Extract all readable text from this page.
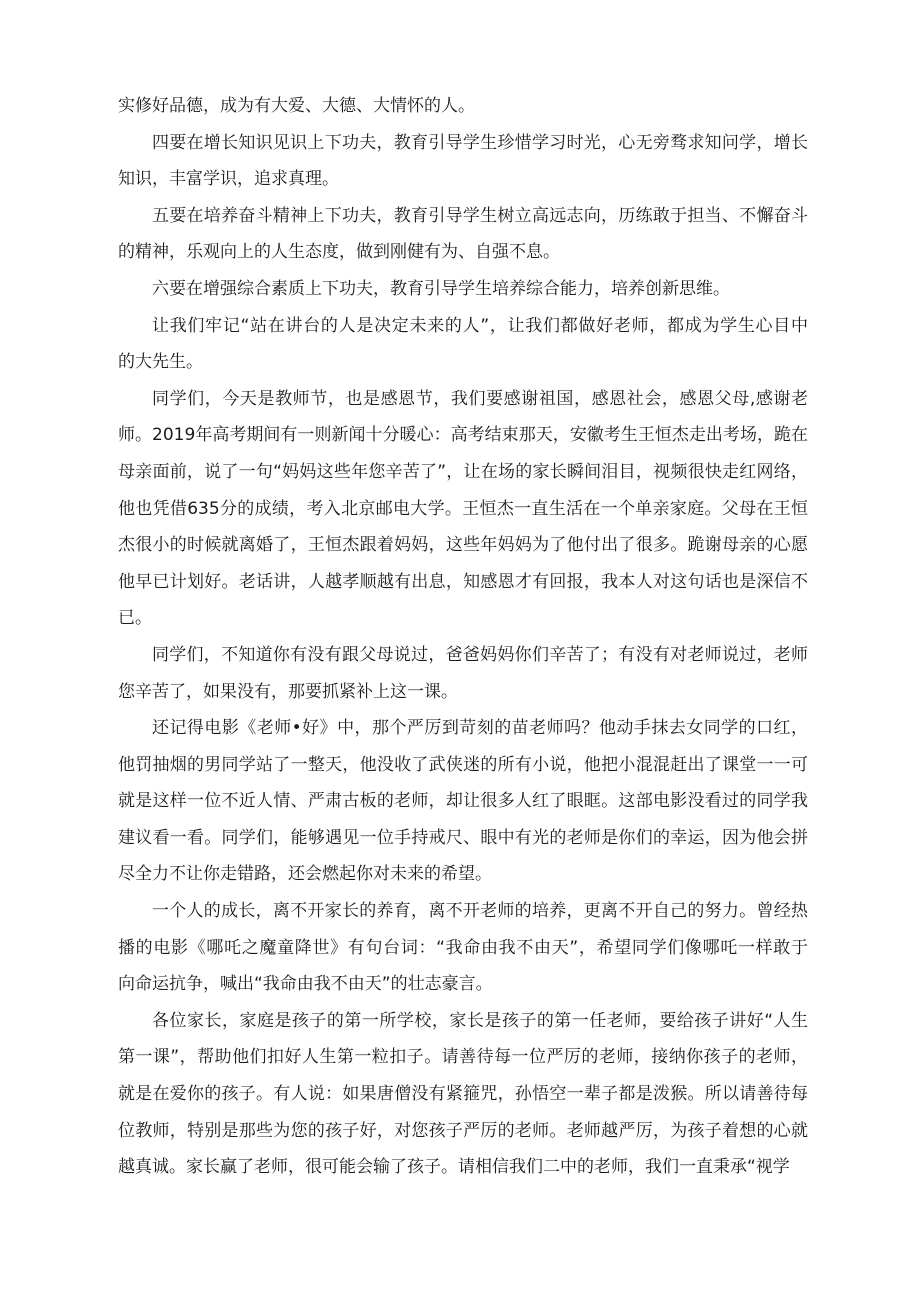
实修好品德，成为有大爱、大德、大情怀的人。
四要在增长知识见识上下功夫，教育引导学生珍惜学习时光，心无旁骛求知问学，增长
知识，丰富学识，追求真理。
五要在培养奋斗精神上下功夫，教育引导学生树立高远志向，历练敢于担当、不懈奋斗
的精神，乐观向上的人生态度，做到刚健有为、自强不息。
六要在增强综合素质上下功夫，教育引导学生培养综合能力，培养创新思维。
让我们牢记“站在讲台的人是决定未来的人”，让我们都做好老师，都成为学生心目中
的大先生。
同学们，今天是教师节，也是感恩节，我们要感谢祖国，感恩社会，感恩父母,感谢老
师。2019年高考期间有一则新闻十分暖心：高考结束那天，安徽考生王恒杰走出考场，跪在
母亲面前，说了一句“妈妈这些年您辛苦了”，让在场的家长瞬间泪目，视频很快走红网络，
他也凭借635分的成绩，考入北京邮电大学。王恒杰一直生活在一个单亲家庭。父母在王恒
杰很小的时候就离婚了，王恒杰跟着妈妈，这些年妈妈为了他付出了很多。跪谢母亲的心愿
他早已计划好。老话讲，人越孝顺越有出息，知感恩才有回报，我本人对这句话也是深信不
已。
同学们，不知道你有没有跟父母说过，爸爸妈妈你们辛苦了；有没有对老师说过，老师
您辛苦了，如果没有，那要抓紧补上这一课。
还记得电影《老师•好》中，那个严厉到苛刻的苗老师吗？他动手抹去女同学的口红，
他罚抽烟的男同学站了一整天，他没收了武侠迷的所有小说，他把小混混赶出了课堂一一可
就是这样一位不近人情、严肃古板的老师，却让很多人红了眼眶。这部电影没看过的同学我
建议看一看。同学们，能够遇见一位手持戒尺、眼中有光的老师是你们的幸运，因为他会拼
尽全力不让你走错路，还会燃起你对未来的希望。
一个人的成长，离不开家长的养育，离不开老师的培养，更离不开自己的努力。曾经热
播的电影《哪吒之魔童降世》有句台词：“我命由我不由天”，希望同学们像哪吒一样敢于
向命运抗争，喊出“我命由我不由天”的壮志豪言。
各位家长，家庭是孩子的第一所学校，家长是孩子的第一任老师，要给孩子讲好“人生
第一课”，帮助他们扣好人生第一粒扣子。请善待每一位严厉的老师，接纳你孩子的老师，
就是在爱你的孩子。有人说：如果唐僧没有紧箍咒，孙悟空一辈子都是泼猴。所以请善待每
位教师，特别是那些为您的孩子好，对您孩子严厉的老师。老师越严厉，为孩子着想的心就
越真诚。家长赢了老师，很可能会输了孩子。请相信我们二中的老师，我们一直秉承“视学
